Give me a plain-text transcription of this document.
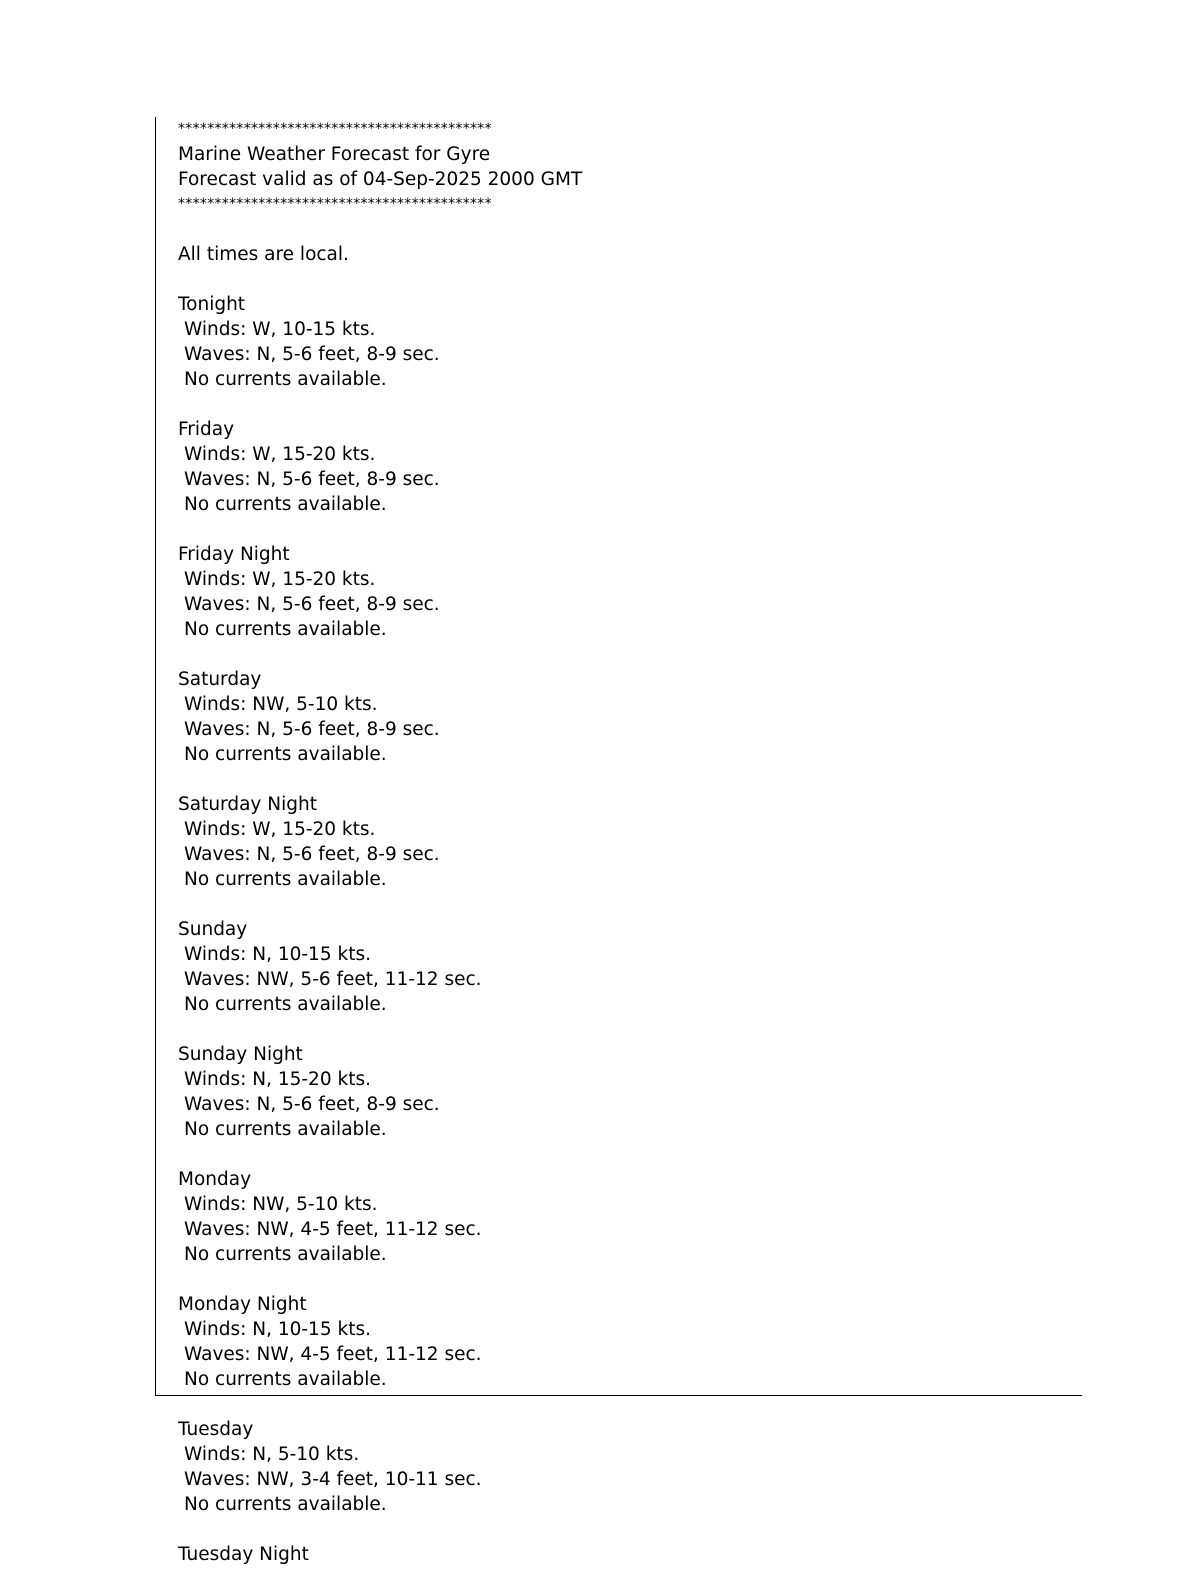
*******************************************
Marine Weather Forecast for Gyre
Forecast valid as of 04-Sep-2025 2000 GMT
*******************************************
All times are local.
Tonight
Winds: W, 10-15 kts.
Waves: N, 5-6 feet, 8-9 sec.
No currents available.
Friday
Winds: W, 15-20 kts.
Waves: N, 5-6 feet, 8-9 sec.
No currents available.
Friday Night
Winds: W, 15-20 kts.
Waves: N, 5-6 feet, 8-9 sec.
No currents available.
Saturday
Winds: NW, 5-10 kts.
Waves: N, 5-6 feet, 8-9 sec.
No currents available.
Saturday Night
Winds: W, 15-20 kts.
Waves: N, 5-6 feet, 8-9 sec.
No currents available.
Sunday
Winds: N, 10-15 kts.
Waves: NW, 5-6 feet, 11-12 sec.
No currents available.
Sunday Night
Winds: N, 15-20 kts.
Waves: N, 5-6 feet, 8-9 sec.
No currents available.
Monday
Winds: NW, 5-10 kts.
Waves: NW, 4-5 feet, 11-12 sec.
No currents available.
Monday Night
Winds: N, 10-15 kts.
Waves: NW, 4-5 feet, 11-12 sec.
No currents available.
Tuesday
Winds: N, 5-10 kts.
Waves: NW, 3-4 feet, 10-11 sec.
No currents available.
Tuesday Night
